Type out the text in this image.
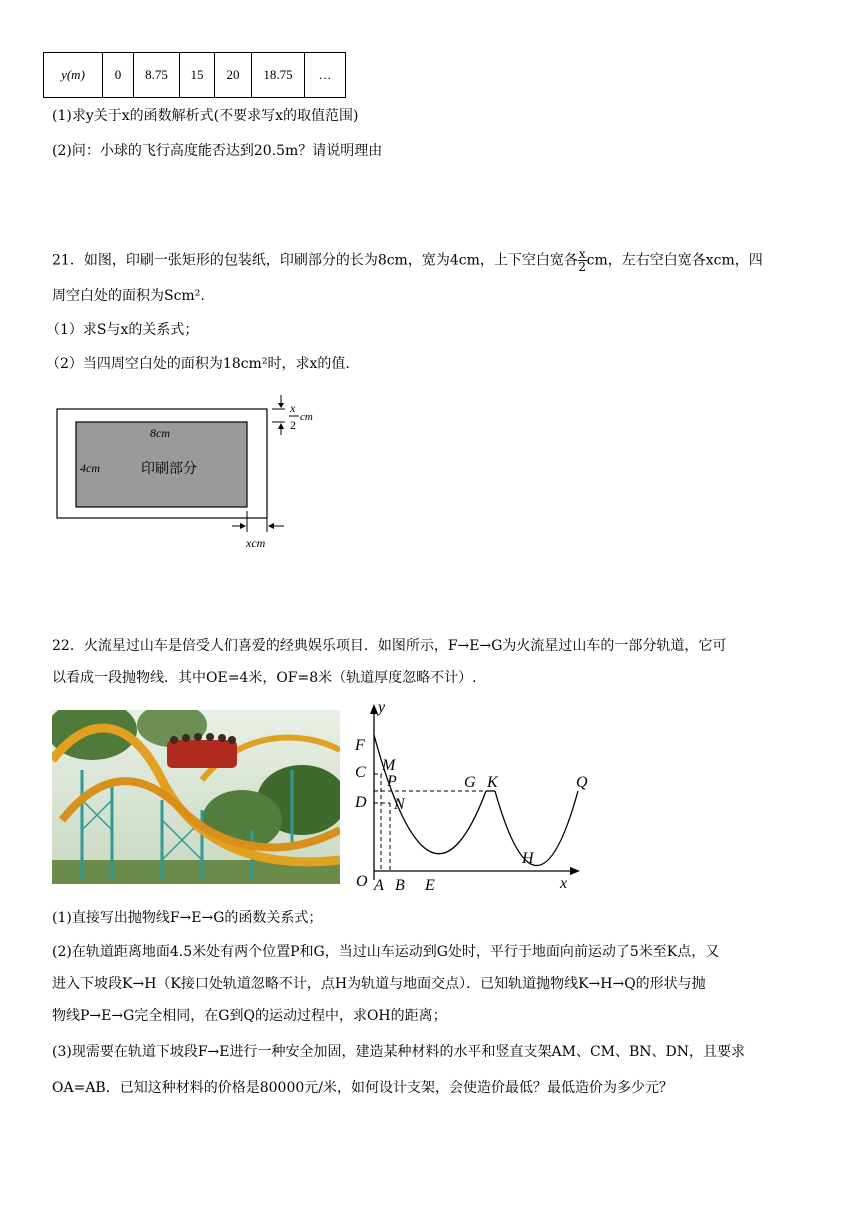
y(m)	0	8.75	15	20	18.75	…
(1)求y关于x的函数解析式(不要求写x的取值范围)
(2)问：小球的飞行高度能否达到20.5m？请说明理由
21．如图，印刷一张矩形的包装纸，印刷部分的长为8cm，宽为4cm，上下空白宽各 $\frac{x}{2}$ cm，左右空白宽各xcm，四
周空白处的面积为Scm².
（1）求S与x的关系式；
（2）当四周空白处的面积为18cm²时，求x的值．
8cm
4cm	印刷部分
x
2
cm
xcm
22．火流星过山车是倍受人们喜爱的经典娱乐项目．如图所示，F→E→G为火流星过山车的一部分轨道，它可
以看成一段抛物线．其中OE=4米，OF=8米（轨道厚度忽略不计）.
y
x
F
C
D
M
P
N
G K	Q
H
O A B E
(1)直接写出抛物线F→E→G的函数关系式；
(2)在轨道距离地面4.5米处有两个位置P和G，当过山车运动到G处时，平行于地面向前运动了5米至K点，又
进入下坡段K→H（K接口处轨道忽略不计，点H为轨道与地面交点）．已知轨道抛物线K→H→Q的形状与抛
物线P→E→G完全相同，在G到Q的运动过程中，求OH的距离；
(3)现需要在轨道下坡段F→E进行一种安全加固，建造某种材料的水平和竖直支架AM、CM、BN、DN，且要求
OA=AB．已知这种材料的价格是80000元/米，如何设计支架，会使造价最低？最低造价为多少元？
